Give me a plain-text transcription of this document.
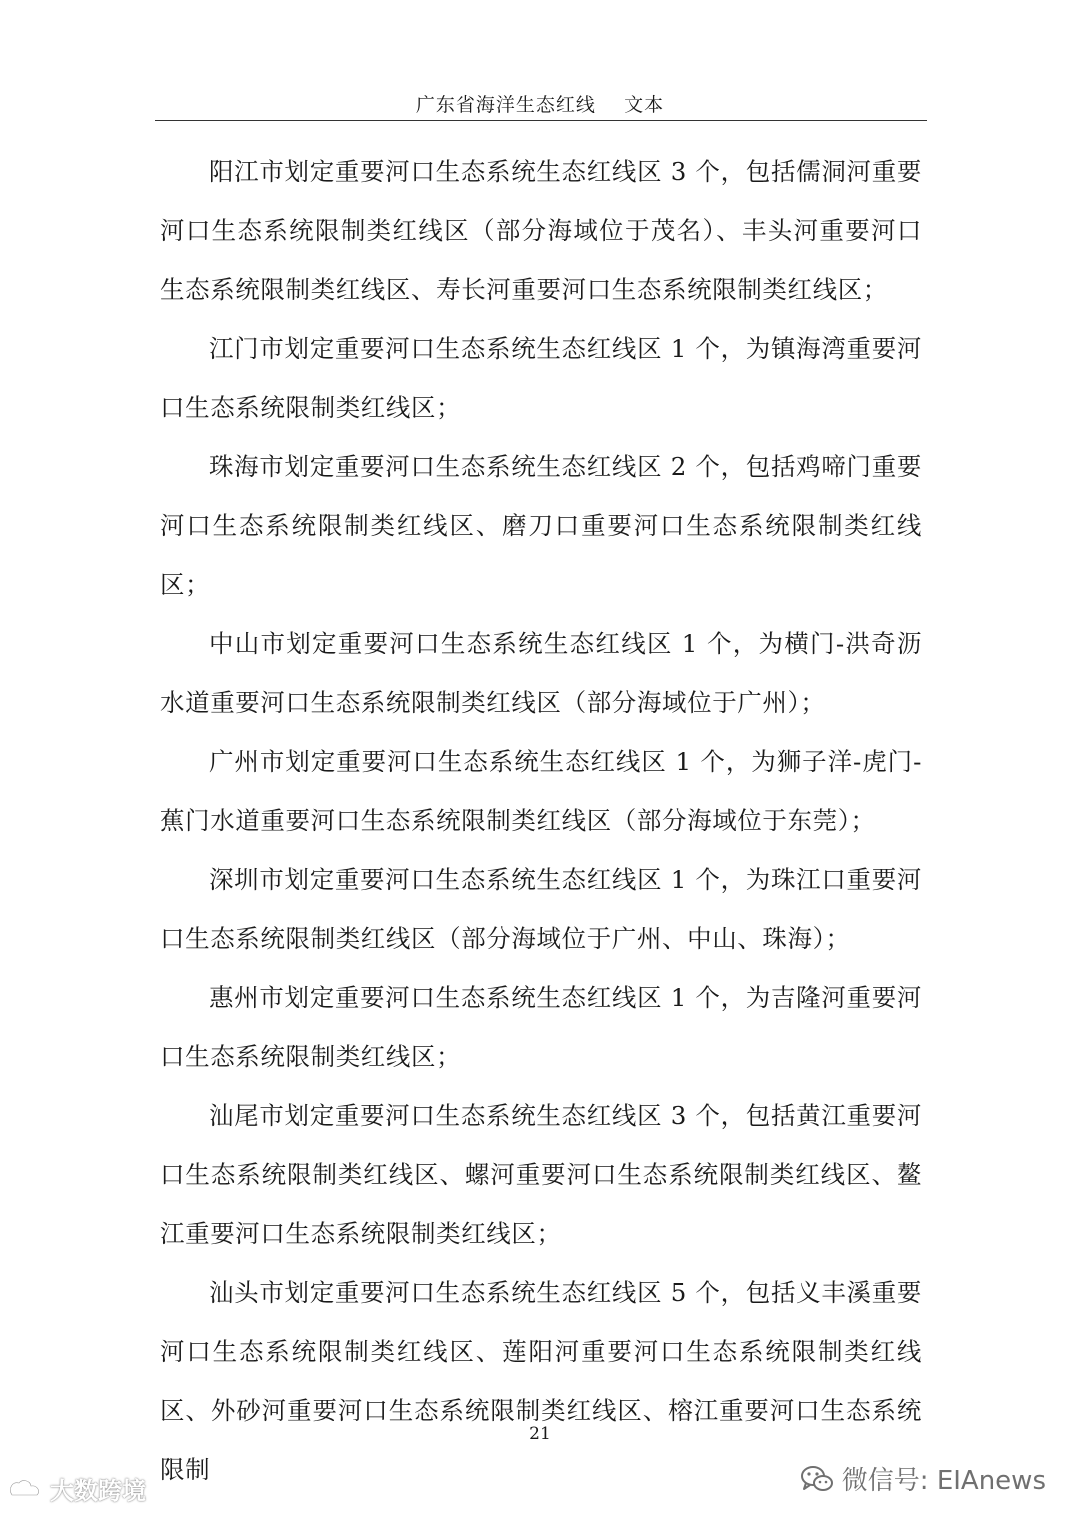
广东省海洋生态红线    文本

阳江市划定重要河口生态系统生态红线区 3 个，包括儒洞河重要河口生态系统限制类红线区（部分海域位于茂名）、丰头河重要河口生态系统限制类红线区、寿长河重要河口生态系统限制类红线区；

江门市划定重要河口生态系统生态红线区 1 个，为镇海湾重要河口生态系统限制类红线区；

珠海市划定重要河口生态系统生态红线区 2 个，包括鸡啼门重要河口生态系统限制类红线区、磨刀口重要河口生态系统限制类红线区；

中山市划定重要河口生态系统生态红线区 1 个，为横门-洪奇沥水道重要河口生态系统限制类红线区（部分海域位于广州）；

广州市划定重要河口生态系统生态红线区 1 个，为狮子洋-虎门-蕉门水道重要河口生态系统限制类红线区（部分海域位于东莞）；

深圳市划定重要河口生态系统生态红线区 1 个，为珠江口重要河口生态系统限制类红线区（部分海域位于广州、中山、珠海）；

惠州市划定重要河口生态系统生态红线区 1 个，为吉隆河重要河口生态系统限制类红线区；

汕尾市划定重要河口生态系统生态红线区 3 个，包括黄江重要河口生态系统限制类红线区、螺河重要河口生态系统限制类红线区、鳌江重要河口生态系统限制类红线区；

汕头市划定重要河口生态系统生态红线区 5 个，包括义丰溪重要河口生态系统限制类红线区、莲阳河重要河口生态系统限制类红线区、外砂河重要河口生态系统限制类红线区、榕江重要河口生态系统限制

21
大数跨境	微信号: EIAnews
